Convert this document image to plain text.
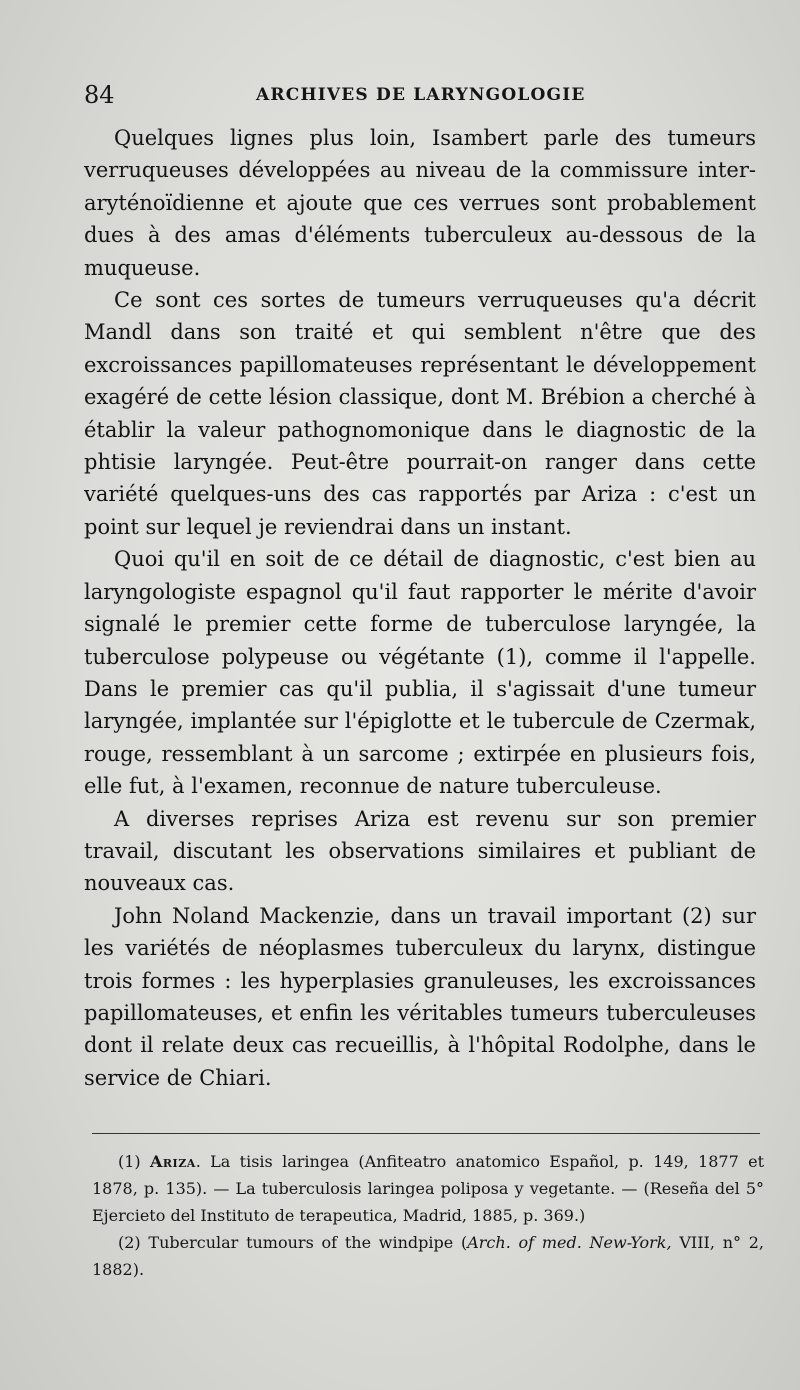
84	ARCHIVES DE LARYNGOLOGIE

Quelques lignes plus loin, Isambert parle des tumeurs verruqueuses développées au niveau de la commissure inter-aryténoïdienne et ajoute que ces verrues sont probablement dues à des amas d'éléments tuberculeux au-dessous de la muqueuse.

Ce sont ces sortes de tumeurs verruqueuses qu'a décrit Mandl dans son traité et qui semblent n'être que des excroissances papillomateuses représentant le développement exagéré de cette lésion classique, dont M. Brébion a cherché à établir la valeur pathognomonique dans le diagnostic de la phtisie laryngée. Peut-être pourrait-on ranger dans cette variété quelques-uns des cas rapportés par Ariza : c'est un point sur lequel je reviendrai dans un instant.

Quoi qu'il en soit de ce détail de diagnostic, c'est bien au laryngologiste espagnol qu'il faut rapporter le mérite d'avoir signalé le premier cette forme de tuberculose laryngée, la tuberculose polypeuse ou végétante (1), comme il l'appelle. Dans le premier cas qu'il publia, il s'agissait d'une tumeur laryngée, implantée sur l'épiglotte et le tubercule de Czermak, rouge, ressemblant à un sarcome ; extirpée en plusieurs fois, elle fut, à l'examen, reconnue de nature tuberculeuse.

A diverses reprises Ariza est revenu sur son premier travail, discutant les observations similaires et publiant de nouveaux cas.

John Noland Mackenzie, dans un travail important (2) sur les variétés de néoplasmes tuberculeux du larynx, distingue trois formes : les hyperplasies granuleuses, les excroissances papillomateuses, et enfin les véritables tumeurs tuberculeuses dont il relate deux cas recueillis, à l'hôpital Rodolphe, dans le service de Chiari.

(1) Ariza. La tisis laringea (Anfiteatro anatomico Español, p. 149, 1877 et 1878, p. 135). — La tuberculosis laringea poliposa y vegetante. — (Reseña del 5° Ejercieto del Instituto de terapeutica, Madrid, 1885, p. 369.)

(2) Tubercular tumours of the windpipe (Arch. of med. New-York, VIII, n° 2, 1882).
